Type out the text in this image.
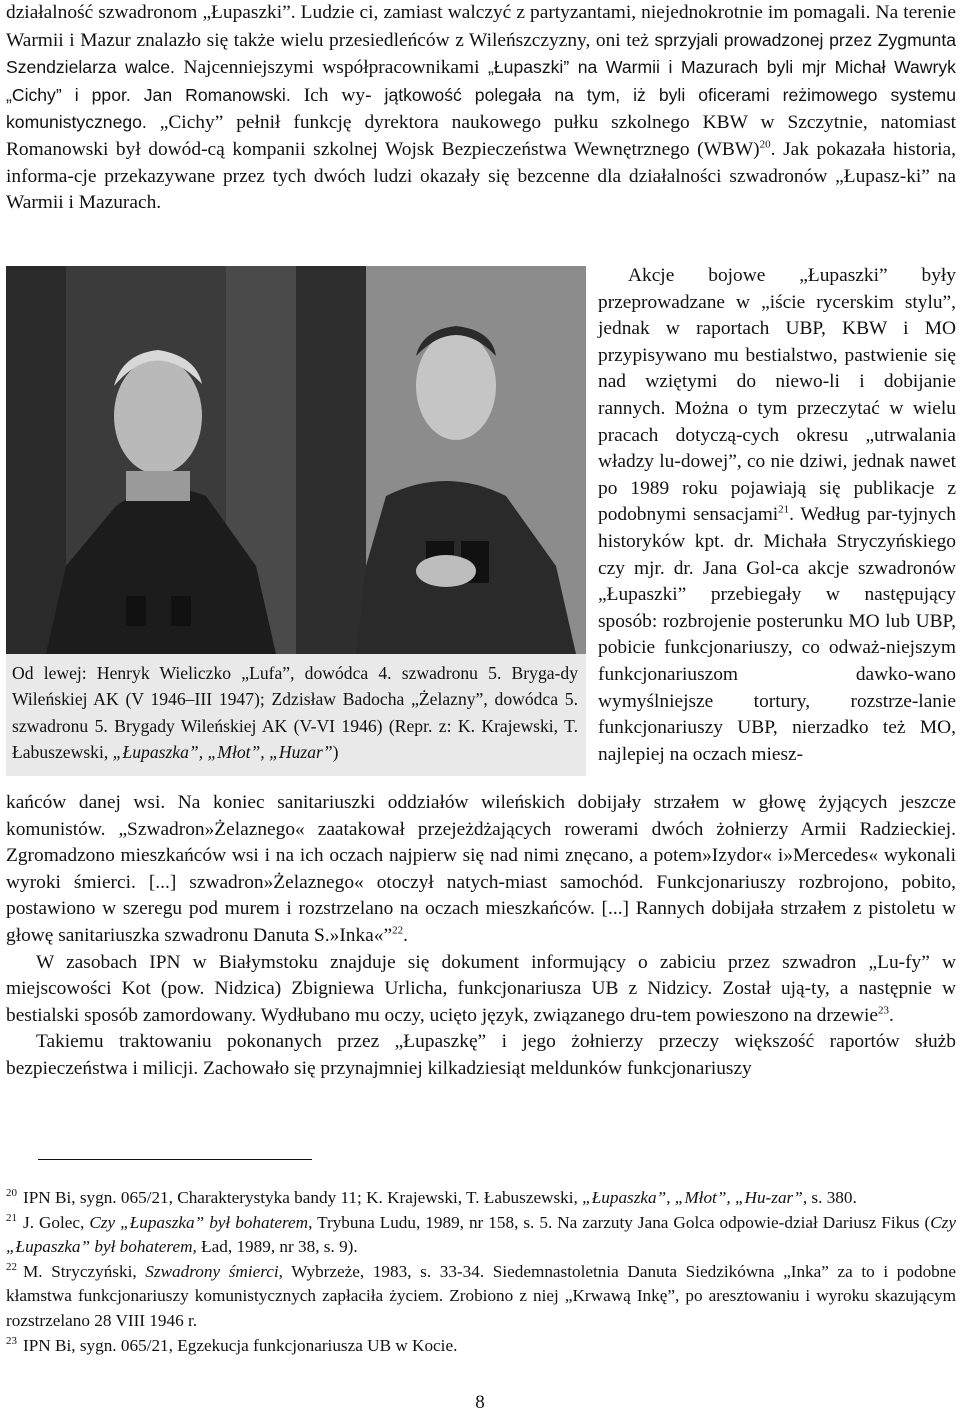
działalność szwadronom „Łupaszki”. Ludzie ci, zamiast walczyć z partyzantami, niejednokrotnie im pomagali. Na terenie Warmii i Mazur znalazło się także wielu przesiedleńców z Wileńszczyzny, oni też sprzyjali prowadzonej przez Zygmunta Szendzielarza walce. Najcenniejszymi współpracownikami „Łupaszki” na Warmii i Mazurach byli mjr Michał Wawryk „Cichy” i ppor. Jan Romanowski. Ich wy- jątkowość polegała na tym, iż byli oficerami reżimowego systemu komunistycznego. „Cichy” pełnił funkcję dyrektora naukowego pułku szkolnego KBW w Szczytnie, natomiast Romanowski był dowód-cą kompanii szkolnej Wojsk Bezpieczeństwa Wewnętrznego (WBW)$^{20}$. Jak pokazała historia, informa-cje przekazywane przez tych dwóch ludzi okazały się bezcenne dla działalności szwadronów „Łupasz-ki” na Warmii i Mazurach.

Od lewej: Henryk Wieliczko „Lufa”, dowódca 4. szwadronu 5. Bryga-dy Wileńskiej AK (V 1946–III 1947); Zdzisław Badocha „Żelazny”, dowódca 5. szwadronu 5. Brygady Wileńskiej AK (V-VI 1946) (Repr. z: K. Krajewski, T. Łabuszewski, „Łupaszka”, „Młot”, „Huzar”)

Akcje bojowe „Łupaszki” były przeprowadzane w „iście rycerskim stylu”, jednak w raportach UBP, KBW i MO przypisywano mu bestialstwo, pastwienie się nad wziętymi do niewo-li i dobijanie rannych. Można o tym przeczytać w wielu pracach dotyczą-cych okresu „utrwalania władzy lu-dowej”, co nie dziwi, jednak nawet po 1989 roku pojawiają się publikacje z podobnymi sensacjami$^{21}$. Według par-tyjnych historyków kpt. dr. Michała Stryczyńskiego czy mjr. dr. Jana Gol-ca akcje szwadronów „Łupaszki” przebiegały w następujący sposób: rozbrojenie posterunku MO lub UBP, pobicie funkcjonariuszy, co odważ-niejszym funkcjonariuszom dawko-wano wymyślniejsze tortury, rozstrze-lanie funkcjonariuszy UBP, nierzadko też MO, najlepiej na oczach miesz-

kańców danej wsi. Na koniec sanitariuszki oddziałów wileńskich dobijały strzałem w głowę żyjących jeszcze komunistów. „Szwadron»Żelaznego« zaatakował przejeżdżających rowerami dwóch żołnierzy Armii Radzieckiej. Zgromadzono mieszkańców wsi i na ich oczach najpierw się nad nimi znęcano, a potem»Izydor« i»Mercedes« wykonali wyroki śmierci. [...] szwadron»Żelaznego« otoczył natych-miast samochód. Funkcjonariuszy rozbrojono, pobito, postawiono w szeregu pod murem i rozstrzelano na oczach mieszkańców. [...] Rannych dobijała strzałem z pistoletu w głowę sanitariuszka szwadronu Danuta S.»Inka«”$^{22}$.

W zasobach IPN w Białymstoku znajduje się dokument informujący o zabiciu przez szwadron „Lu-fy” w miejscowości Kot (pow. Nidzica) Zbigniewa Urlicha, funkcjonariusza UB z Nidzicy. Został ują-ty, a następnie w bestialski sposób zamordowany. Wydłubano mu oczy, ucięto język, związanego dru-tem powieszono na drzewie$^{23}$.

Takiemu traktowaniu pokonanych przez „Łupaszkę” i jego żołnierzy przeczy większość raportów służb bezpieczeństwa i milicji. Zachowało się przynajmniej kilkadziesiąt meldunków funkcjonariuszy

$^{20}$ IPN Bi, sygn. 065/21, Charakterystyka bandy 11; K. Krajewski, T. Łabuszewski, „Łupaszka”, „Młot”, „Hu-zar”, s. 380.

$^{21}$ J. Golec, Czy „Łupaszka” był bohaterem, Trybuna Ludu, 1989, nr 158, s. 5. Na zarzuty Jana Golca odpowie-dział Dariusz Fikus (Czy „Łupaszka” był bohaterem, Ład, 1989, nr 38, s. 9).

$^{22}$ M. Stryczyński, Szwadrony śmierci, Wybrzeże, 1983, s. 33-34. Siedemnastoletnia Danuta Siedzikówna „Inka” za to i podobne kłamstwa funkcjonariuszy komunistycznych zapłaciła życiem. Zrobiono z niej „Krwawą Inkę”, po aresztowaniu i wyroku skazującym rozstrzelano 28 VIII 1946 r.

$^{23}$ IPN Bi, sygn. 065/21, Egzekucja funkcjonariusza UB w Kocie.

8
